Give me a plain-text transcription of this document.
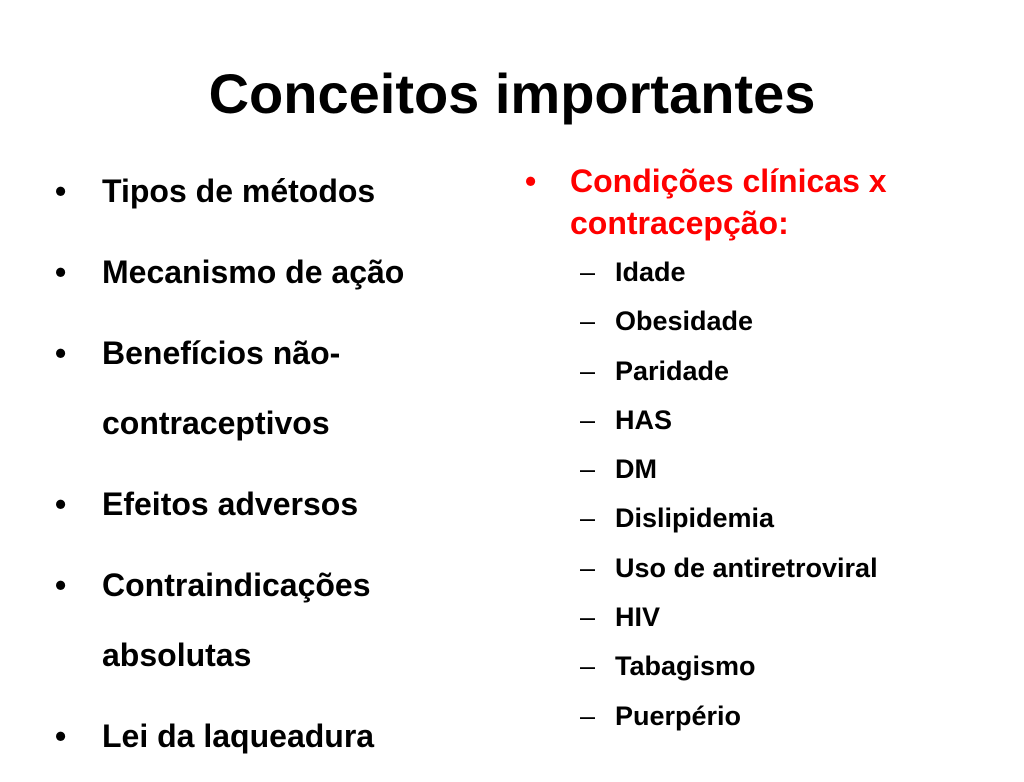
Conceitos importantes
• Tipos de métodos
• Mecanismo de ação
• Benefícios não-contraceptivos
• Efeitos adversos
• Contraindicações absolutas
• Lei da laqueadura
• Condições clínicas x contracepção:
– Idade
– Obesidade
– Paridade
– HAS
– DM
– Dislipidemia
– Uso de antiretroviral
– HIV
– Tabagismo
– Puerpério
